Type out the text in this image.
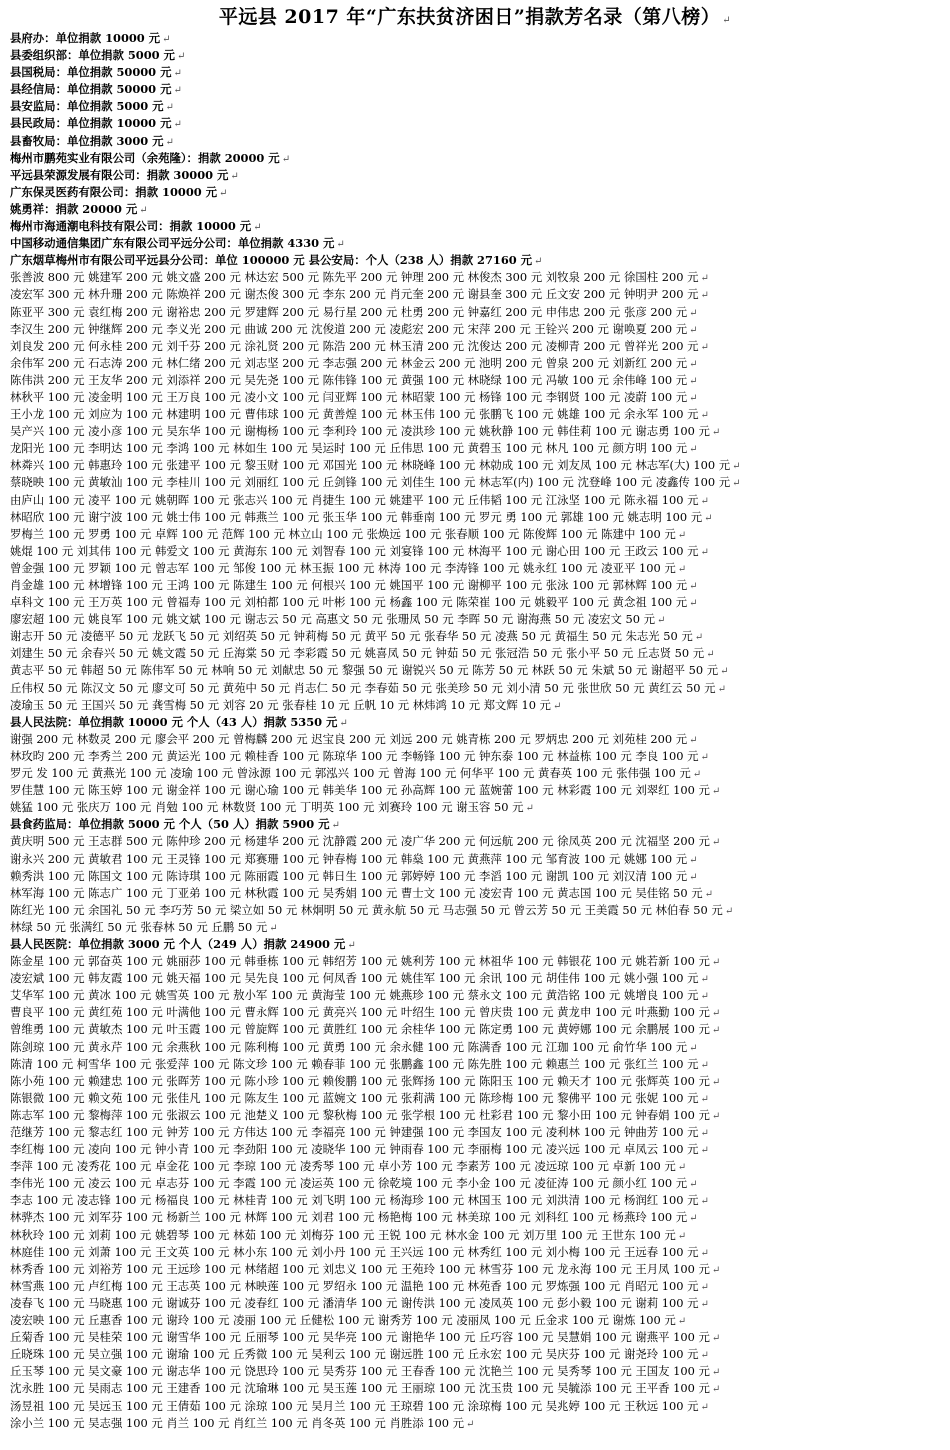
平远县 2017 年“广东扶贫济困日”捐款芳名录（第八榜） ↵
县府办：单位捐款 10000 元 ↵
县委组织部：单位捐款 5000 元 ↵
县国税局：单位捐款 50000 元 ↵
县经信局：单位捐款 50000 元 ↵
县安监局：单位捐款 5000 元 ↵
县民政局：单位捐款 10000 元 ↵
县畜牧局：单位捐款 3000 元 ↵
梅州市鹏苑实业有限公司（余苑隆）：捐款 20000 元 ↵
平远县荣源发展有限公司：捐款 30000 元 ↵
广东保灵医药有限公司：捐款 10000 元 ↵
姚勇祥：捐款 20000 元 ↵
梅州市海通潮电科技有限公司：捐款 10000 元 ↵
中国移动通信集团广东有限公司平远分公司：单位捐款 4330 元 ↵
广东烟草梅州市有限公司平远县分公司：单位 100000 元 县公安局：个人（238 人）捐款 27160 元 ↵
张善波 800 元 姚建军 200 元 姚文盛 200 元 林达宏 500 元 陈先平 200 元 钟理 200 元 林俊杰 300 元 刘牧泉 200 元 徐国柱 200 元 ↵
凌宏军 300 元 林升珊 200 元 陈焕祥 200 元 谢杰俊 300 元 李东 200 元 肖元奎 200 元 谢县奎 300 元 丘文安 200 元 钟明尹 200 元 ↵
陈亚平 300 元 袁红梅 200 元 谢裕忠 200 元 罗建辉 200 元 易行星 200 元 杜勇 200 元 钟嘉红 200 元 申伟忠 200 元 张彦 200 元 ↵
李汉生 200 元 钟继辉 200 元 李义光 200 元 曲诚 200 元 沈俊道 200 元 凌彪宏 200 元 宋萍 200 元 王铨兴 200 元 谢唤夏 200 元 ↵
刘良发 200 元 何永桂 200 元 刘千芬 200 元 涂礼贤 200 元 陈浩 200 元 林玉清 200 元 沈俊达 200 元 凌柳青 200 元 曾祥光 200 元 ↵
余伟军 200 元 石志涛 200 元 林仁绪 200 元 刘志坚 200 元 李志强 200 元 林金云 200 元 池明 200 元 曾泉 200 元 刘新红 200 元 ↵
陈伟洪 200 元 王友华 200 元 刘添祥 200 元 吴先尧 100 元 陈伟锋 100 元 黄强 100 元 林晓绿 100 元 冯敏 100 元 余伟峰 100 元 ↵
林秋平 100 元 凌金明 100 元 王万良 100 元 凌小文 100 元 闫亚辉 100 元 林昭蒙 100 元 杨锋 100 元 李钢贤 100 元 凌蔚 100 元 ↵
王小龙 100 元 刘应为 100 元 林建明 100 元 曹伟球 100 元 黄善煌 100 元 林玉伟 100 元 张鹏飞 100 元 姚雄 100 元 余永军 100 元 ↵
吴产兴 100 元 凌小彦 100 元 吴东华 100 元 谢梅杨 100 元 李利玲 100 元 凌洪珍 100 元 姚秋静 100 元 韩佳莉 100 元 谢志勇 100 元 ↵
龙阳光 100 元 李明达 100 元 李鸿 100 元 林如生 100 元 吴运时 100 元 丘伟思 100 元 黄碧玉 100 元 林凡 100 元 颜方明 100 元 ↵
林粦兴 100 元 韩惠玲 100 元 张建平 100 元 黎玉财 100 元 邓国光 100 元 林晓峰 100 元 林勍成 100 元 刘友凤 100 元 林志军(大) 100 元 ↵
蔡晓映 100 元 黄敏汕 100 元 李桂川 100 元 刘丽红 100 元 丘剑锋 100 元 刘佳生 100 元 林志军(内) 100 元 沈登峰 100 元 凌鑫传 100 元 ↵
由庐山 100 元 凌平 100 元 姚朝晖 100 元 张志兴 100 元 肖捷生 100 元 姚建平 100 元 丘伟韬 100 元 江泳坚 100 元 陈永福 100 元 ↵
林昭欣 100 元 谢宁波 100 元 姚士伟 100 元 韩燕兰 100 元 张玉华 100 元 韩垂南 100 元 罗元 勇 100 元 郭雄 100 元 姚志明 100 元 ↵
罗梅兰 100 元 罗勇 100 元 卓辉 100 元 范辉 100 元 林立山 100 元 张焕远 100 元 张春顺 100 元 陈俊辉 100 元 陈建中 100 元 ↵
姚焜 100 元 刘其伟 100 元 韩爱文 100 元 黄海东 100 元 刘智春 100 元 刘宴锋 100 元 林海平 100 元 谢心田 100 元 王政云 100 元 ↵
曾金强 100 元 罗颖 100 元 曾志军 100 元 邹俊 100 元 林玉振 100 元 林涛 100 元 李涛锋 100 元 姚永红 100 元 凌亚平 100 元 ↵
肖金雄 100 元 林增锋 100 元 王鸿 100 元 陈建生 100 元 何根兴 100 元 姚国平 100 元 谢柳平 100 元 张泳 100 元 郭林辉 100 元 ↵
卓科文 100 元 王万英 100 元 曾福寿 100 元 刘柏都 100 元 叶彬 100 元 杨鑫 100 元 陈荣崔 100 元 姚毅平 100 元 黄念祖 100 元 ↵
廖宏超 100 元 姚良军 100 元 姚文斌 100 元 谢志云 50 元 高惠文 50 元 张珊凤 50 元 李晖 50 元 谢海燕 50 元 凌宏文 50 元 ↵
谢志开 50 元 凌德平 50 元 龙跃飞 50 元 刘绍英 50 元 钟莉梅 50 元 黄平 50 元 张春华 50 元 凌燕 50 元 黄福生 50 元 朱志光 50 元 ↵
刘建生 50 元 余春兴 50 元 姚文霞 50 元 丘海棠 50 元 李彩霞 50 元 姚喜凤 50 元 钟茹 50 元 张冠浩 50 元 张小平 50 元 丘志贤 50 元 ↵
黄志平 50 元 韩超 50 元 陈伟军 50 元 林响 50 元 刘献忠 50 元 黎强 50 元 谢锐兴 50 元 陈芳 50 元 林跃 50 元 朱斌 50 元 谢超平 50 元 ↵
丘伟权 50 元 陈汉文 50 元 廖文可 50 元 黄苑中 50 元 肖志仁 50 元 李春茹 50 元 张美珍 50 元 刘小清 50 元 张世欣 50 元 黄红云 50 元 ↵
凌瑜玉 50 元 王国兴 50 元 龚雪梅 50 元 刘容 20 元 张春桂 10 元 丘帆 10 元 林炜鸿 10 元 郑文辉 10 元 ↵
县人民法院：单位捐款 10000 元 个人（43 人）捐款 5350 元 ↵
谢强 200 元 林数灵 200 元 廖会平 200 元 曾梅麟 200 元 迟宝良 200 元 刘远 200 元 姚青栋 200 元 罗炳忠 200 元 刘苑桂 200 元 ↵
林玫昀 200 元 李秀兰 200 元 黄运光 100 元 赖桂香 100 元 陈琼华 100 元 李畅锋 100 元 钟东泰 100 元 林益栋 100 元 李良 100 元 ↵
罗元 发 100 元 黄燕光 100 元 凌瑜 100 元 曾泳源 100 元 郭泓兴 100 元 曾海 100 元 何华平 100 元 黄春英 100 元 张伟强 100 元 ↵
罗佳慧 100 元 陈玉婷 100 元 谢金祥 100 元 谢心瑜 100 元 韩美华 100 元 孙高辉 100 元 蓝婉蕾 100 元 林彩霞 100 元 刘翠红 100 元 ↵
姚猛 100 元 张庆万 100 元 肖勉 100 元 林数贤 100 元 丁明英 100 元 刘赛玲 100 元 谢玉容 50 元 ↵
县食药监局：单位捐款 5000 元 个人（50 人）捐款 5900 元 ↵
黄庆明 500 元 王志群 500 元 陈仲珍 200 元 杨建华 200 元 沈静霞 200 元 凌广华 200 元 何远航 200 元 徐凤英 200 元 沈福坚 200 元 ↵
谢永兴 200 元 黄敏君 100 元 王灵锋 100 元 郑赛珊 100 元 钟春梅 100 元 韩燊 100 元 黄燕萍 100 元 邹育波 100 元 姚娜 100 元 ↵
赖秀洪 100 元 陈国文 100 元 陈诗琪 100 元 陈丽霞 100 元 韩日生 100 元 郭婷婷 100 元 李滔 100 元 谢凯 100 元 刘汉清 100 元 ↵
林军海 100 元 陈志广 100 元 丁亚弟 100 元 林秋霞 100 元 吴秀娟 100 元 曹士文 100 元 凌宏青 100 元 黄志国 100 元 吴佳铭 50 元 ↵
陈红光 100 元 余国礼 50 元 李巧芳 50 元 梁立如 50 元 林炯明 50 元 黄永航 50 元 马志强 50 元 曾云芳 50 元 王美霞 50 元 林伯春 50 元 ↵
林绿 50 元 张满红 50 元 张春林 50 元 丘鹏 50 元 ↵
县人民医院：单位捐款 3000 元 个人（249 人）捐款 24900 元 ↵
陈金星 100 元 郭奋英 100 元 姚丽莎 100 元 韩垂栋 100 元 韩绍芳 100 元 姚利芳 100 元 林祖华 100 元 韩银花 100 元 姚若新 100 元 ↵
凌宏斌 100 元 韩友霞 100 元 姚天福 100 元 吴先良 100 元 何凤香 100 元 姚佳军 100 元 余讯 100 元 胡佳伟 100 元 姚小强 100 元 ↵
艾华军 100 元 黄冰 100 元 姚雪英 100 元 敖小军 100 元 黄海莹 100 元 姚燕珍 100 元 蔡永文 100 元 黄浩铭 100 元 姚增良 100 元 ↵
曹良平 100 元 黄红苑 100 元 叶满他 100 元 曹永辉 100 元 黄亮兴 100 元 叶绍生 100 元 曾庆贵 100 元 黄龙申 100 元 叶燕勤 100 元 ↵
曾维勇 100 元 黄敏杰 100 元 叶玉霞 100 元 曾旋辉 100 元 黄胜红 100 元 余桂华 100 元 陈定勇 100 元 黄婷娜 100 元 余鹏展 100 元 ↵
陈剑琼 100 元 黄永芹 100 元 余燕秋 100 元 陈利梅 100 元 黄勇 100 元 余永健 100 元 陈满香 100 元 江珈 100 元 俞竹华 100 元 ↵
陈清 100 元 柯雪华 100 元 张爱萍 100 元 陈文珍 100 元 赖春菲 100 元 张鹏鑫 100 元 陈先胜 100 元 赖惠兰 100 元 张红兰 100 元 ↵
陈小苑 100 元 赖建忠 100 元 张晖芳 100 元 陈小珍 100 元 赖俊鹏 100 元 张辉扬 100 元 陈阳玉 100 元 赖天才 100 元 张辉英 100 元 ↵
陈银微 100 元 赖文苑 100 元 张佳凡 100 元 陈友生 100 元 蓝婉文 100 元 张莉满 100 元 陈珍梅 100 元 黎佛平 100 元 张妮 100 元 ↵
陈志军 100 元 黎梅萍 100 元 张淑云 100 元 池楚义 100 元 黎秋梅 100 元 张学根 100 元 杜彩君 100 元 黎小田 100 元 钟春娟 100 元 ↵
范继芳 100 元 黎志红 100 元 钟芳 100 元 方伟达 100 元 李福亮 100 元 钟建强 100 元 李国友 100 元 凌利林 100 元 钟曲芳 100 元 ↵
李红梅 100 元 凌向 100 元 钟小青 100 元 李劲阳 100 元 凌晓华 100 元 钟雨春 100 元 李丽梅 100 元 凌兴远 100 元 卓凤云 100 元 ↵
李萍 100 元 凌秀花 100 元 卓金花 100 元 李琼 100 元 凌秀琴 100 元 卓小芳 100 元 李素芳 100 元 凌远琼 100 元 卓新 100 元 ↵
李伟光 100 元 凌云 100 元 卓志芬 100 元 李霞 100 元 凌运英 100 元 徐乾境 100 元 李小金 100 元 凌征涛 100 元 颜小红 100 元 ↵
李志 100 元 凌志锋 100 元 杨福良 100 元 林桂青 100 元 刘飞明 100 元 杨海珍 100 元 林国玉 100 元 刘洪清 100 元 杨润红 100 元 ↵
林骅杰 100 元 刘军芬 100 元 杨新兰 100 元 林辉 100 元 刘君 100 元 杨艳梅 100 元 林美琼 100 元 刘科红 100 元 杨燕玲 100 元 ↵
林秋玲 100 元 刘莉 100 元 姚碧琴 100 元 林茹 100 元 刘梅芬 100 元 王锐 100 元 林水金 100 元 刘万里 100 元 王世东 100 元 ↵
林庭佳 100 元 刘萧 100 元 王文英 100 元 林小东 100 元 刘小丹 100 元 王兴远 100 元 林秀红 100 元 刘小梅 100 元 王远春 100 元 ↵
林秀香 100 元 刘裕芳 100 元 王远珍 100 元 林绪超 100 元 刘忠义 100 元 王苑玲 100 元 林雪芬 100 元 龙永海 100 元 王月凤 100 元 ↵
林雪燕 100 元 卢红梅 100 元 王志英 100 元 林映莲 100 元 罗绍永 100 元 温艳 100 元 林苑香 100 元 罗炼强 100 元 肖昭元 100 元 ↵
凌春飞 100 元 马晓惠 100 元 谢诚芬 100 元 凌春红 100 元 潘清华 100 元 谢传洪 100 元 凌凤英 100 元 彭小毅 100 元 谢莉 100 元 ↵
凌宏映 100 元 丘惠香 100 元 谢玲 100 元 凌丽 100 元 丘健松 100 元 谢秀芳 100 元 凌丽凤 100 元 丘金求 100 元 谢炼 100 元 ↵
丘菊香 100 元 吴桂荣 100 元 谢雪华 100 元 丘丽琴 100 元 吴华亮 100 元 谢艳华 100 元 丘巧容 100 元 吴慧娟 100 元 谢燕平 100 元 ↵
丘晓珠 100 元 吴立强 100 元 谢瑜 100 元 丘秀微 100 元 吴利云 100 元 谢远胜 100 元 丘永宏 100 元 吴庆芬 100 元 谢尧玲 100 元 ↵
丘玉琴 100 元 吴文豪 100 元 谢志华 100 元 饶思玲 100 元 吴秀芬 100 元 王春香 100 元 沈艳兰 100 元 吴秀琴 100 元 王国友 100 元 ↵
沈永胜 100 元 吴雨志 100 元 王建香 100 元 沈瑜琳 100 元 吴玉莲 100 元 王丽琼 100 元 沈玉贵 100 元 吴毓添 100 元 王平香 100 元 ↵
汤昱祖 100 元 吴远玉 100 元 王倩茹 100 元 涂琼 100 元 吴月兰 100 元 王琼碧 100 元 涂琼梅 100 元 吴兆婷 100 元 王秋远 100 元 ↵
涂小兰 100 元 吴志强 100 元 肖兰 100 元 肖红兰 100 元 肖冬英 100 元 肖胜添 100 元 ↵
